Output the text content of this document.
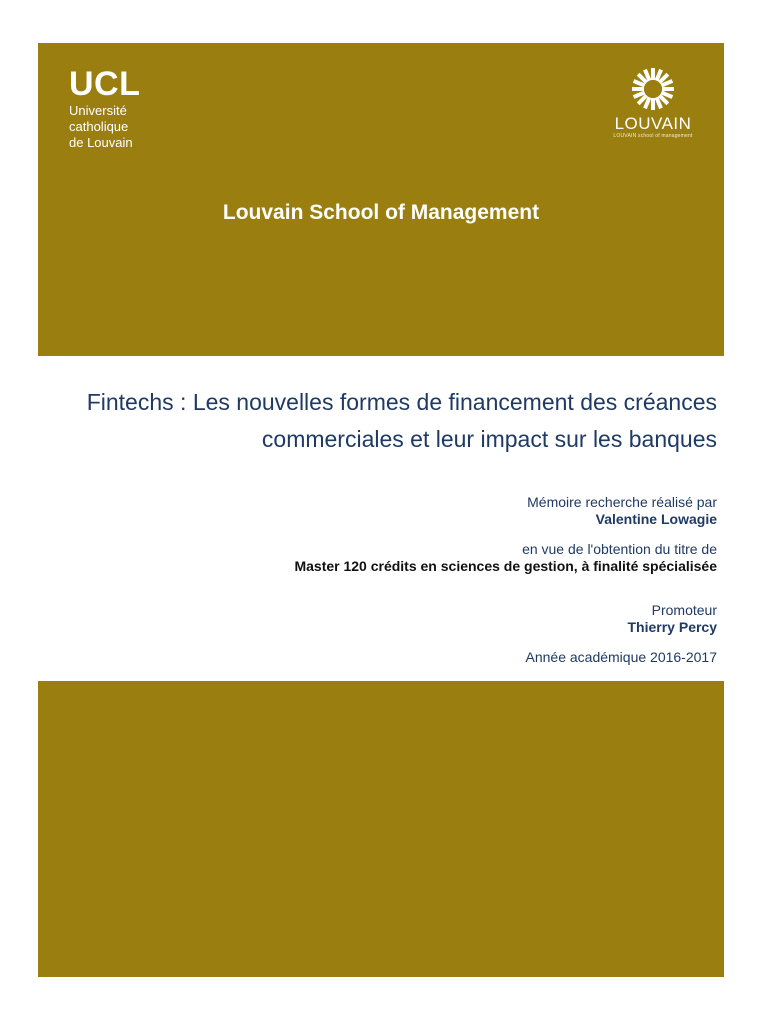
UCL
Université
catholique
de Louvain
LOUVAIN
LOUVAIN school of management
Louvain School of Management
Fintechs : Les nouvelles formes de financement des créances
commerciales et leur impact sur les banques
Mémoire recherche réalisé par
Valentine Lowagie
en vue de l'obtention du titre de
Master 120 crédits en sciences de gestion, à finalité spécialisée
Promoteur
Thierry Percy
Année académique 2016-2017
